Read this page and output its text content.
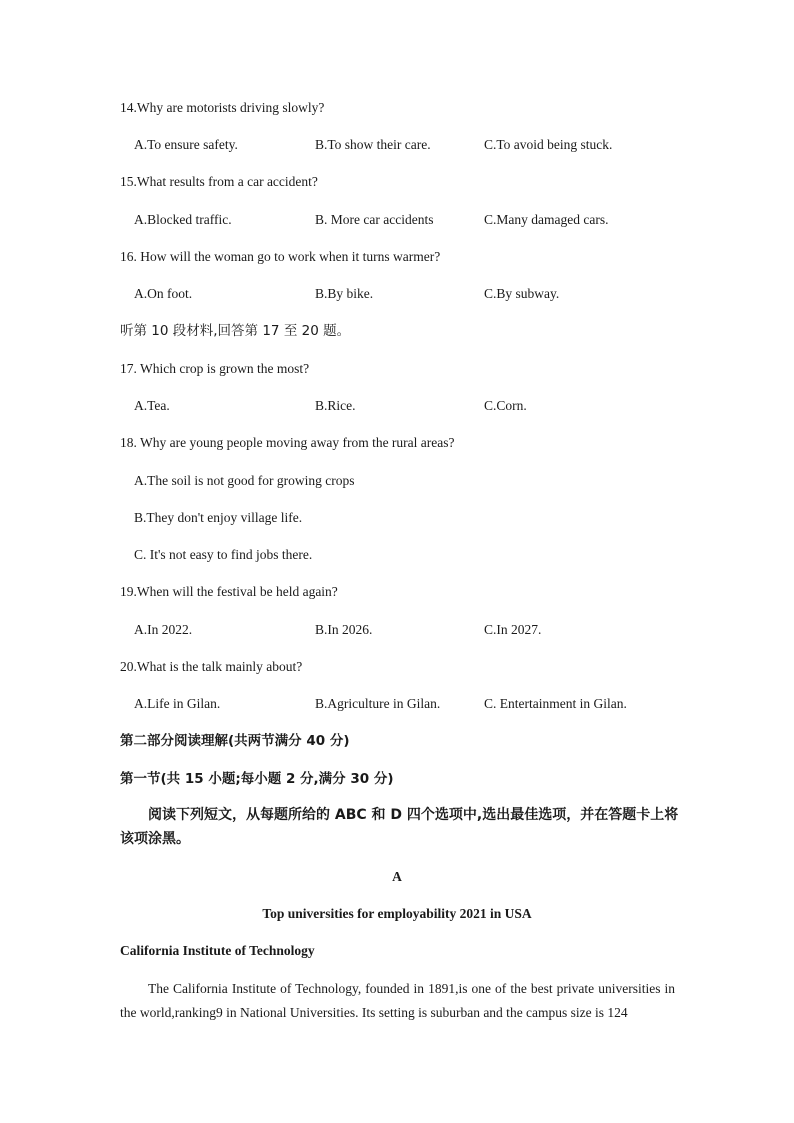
14.Why are motorists driving slowly?
A.To ensure safety.	B.To show their care.	C.To avoid being stuck.
15.What results from a car accident?
A.Blocked traffic.	B. More car accidents	C.Many damaged cars.
16. How will the woman go to work when it turns warmer?
A.On foot.	B.By bike.	C.By subway.
听第 10 段材料,回答第 17 至 20 题。
17. Which crop is grown the most?
A.Tea.	B.Rice.	C.Corn.
18. Why are young people moving away from the rural areas?
A.The soil is not good for growing crops
B.They don't enjoy village life.
C. It's not easy to find jobs there.
19.When will the festival be held again?
A.In 2022.	B.In 2026.	C.In 2027.
20.What is the talk mainly about?
A.Life in Gilan.	B.Agriculture in Gilan.	C. Entertainment in Gilan.
第二部分阅读理解(共两节满分 40 分)
第一节(共 15 小题;每小题 2 分,满分 30 分)
阅读下列短文，从每题所给的 ABC 和 D 四个选项中,选出最佳选项，并在答题卡上将该项涂黑。
A
Top universities for employability 2021 in USA
California Institute of Technology
The California Institute of Technology, founded in 1891,is one of the best private universities in the world,ranking9 in National Universities. Its setting is suburban and the campus size is 124
